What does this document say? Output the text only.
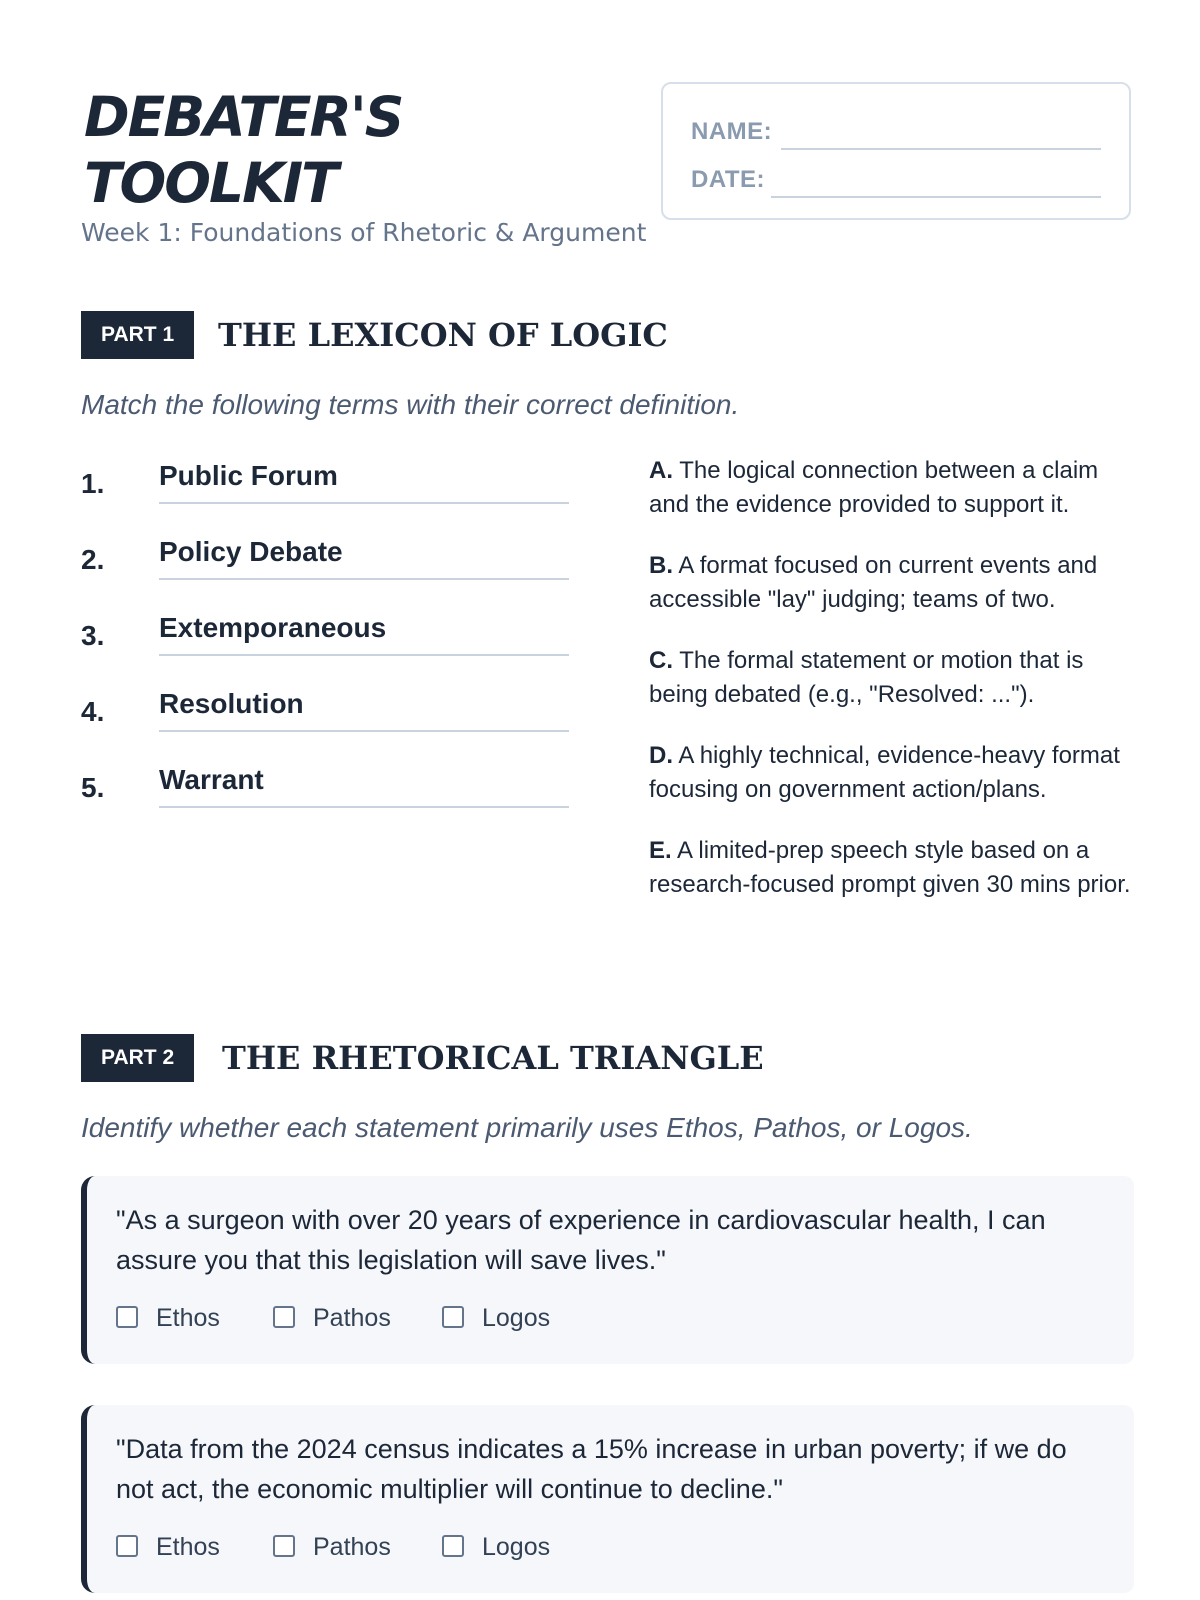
DEBATER'S
TOOLKIT

Week 1: Foundations of Rhetoric & Argument

NAME:
DATE:
PART 1	THE LEXICON OF LOGIC

Match the following terms with their correct definition.

1. Public Forum
2. Policy Debate
3. Extemporaneous
4. Resolution
5. Warrant
A. The logical connection between a claim and the evidence provided to support it.
B. A format focused on current events and accessible "lay" judging; teams of two.
C. The formal statement or motion that is being debated (e.g., "Resolved: ...").
D. A highly technical, evidence-heavy format focusing on government action/plans.
E. A limited-prep speech style based on a research-focused prompt given 30 mins prior.
PART 2	THE RHETORICAL TRIANGLE

Identify whether each statement primarily uses Ethos, Pathos, or Logos.

"As a surgeon with over 20 years of experience in cardiovascular health, I can assure you that this legislation will save lives."

Ethos	Pathos	Logos

"Data from the 2024 census indicates a 15% increase in urban poverty; if we do not act, the economic multiplier will continue to decline."

Ethos	Pathos	Logos
